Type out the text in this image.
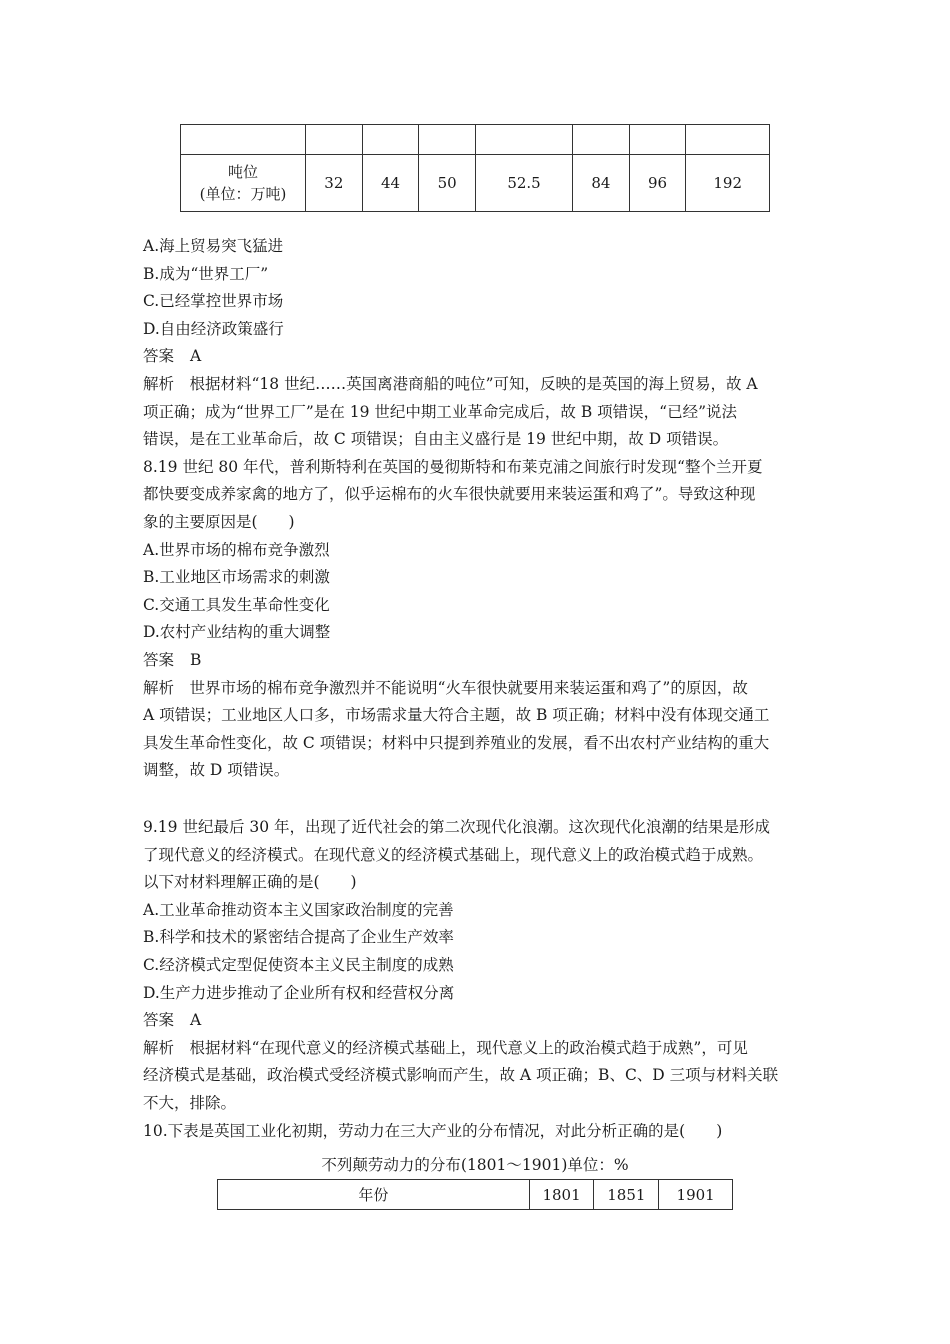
吨位
(单位：万吨)	32	44	50	52.5	84	96	192
A.海上贸易突飞猛进
B.成为“世界工厂”
C.已经掌控世界市场
D.自由经济政策盛行
答案 A
解析　根据材料“18 世纪……英国离港商船的吨位”可知，反映的是英国的海上贸易，故 A
项正确；成为“世界工厂”是在 19 世纪中期工业革命完成后，故 B 项错误，“已经”说法
错误，是在工业革命后，故 C 项错误；自由主义盛行是 19 世纪中期，故 D 项错误。
8.19 世纪 80 年代，普利斯特利在英国的曼彻斯特和布莱克浦之间旅行时发现“整个兰开夏
都快要变成养家禽的地方了，似乎运棉布的火车很快就要用来装运蛋和鸡了”。导致这种现
象的主要原因是(　　)
A.世界市场的棉布竞争激烈
B.工业地区市场需求的刺激
C.交通工具发生革命性变化
D.农村产业结构的重大调整
答案 B
解析　世界市场的棉布竞争激烈并不能说明“火车很快就要用来装运蛋和鸡了”的原因，故
A 项错误；工业地区人口多，市场需求量大符合主题，故 B 项正确；材料中没有体现交通工
具发生革命性变化，故 C 项错误；材料中只提到养殖业的发展，看不出农村产业结构的重大
调整，故 D 项错误。
9.19 世纪最后 30 年，出现了近代社会的第二次现代化浪潮。这次现代化浪潮的结果是形成
了现代意义的经济模式。在现代意义的经济模式基础上，现代意义上的政治模式趋于成熟。
以下对材料理解正确的是(　　)
A.工业革命推动资本主义国家政治制度的完善
B.科学和技术的紧密结合提高了企业生产效率
C.经济模式定型促使资本主义民主制度的成熟
D.生产力进步推动了企业所有权和经营权分离
答案 A
解析　根据材料“在现代意义的经济模式基础上，现代意义上的政治模式趋于成熟”，可见
经济模式是基础，政治模式受经济模式影响而产生，故 A 项正确；B、C、D 三项与材料关联
不大，排除。
10.下表是英国工业化初期，劳动力在三大产业的分布情况，对此分析正确的是(　　)
不列颠劳动力的分布(1801～1901)单位：%
年份	1801	1851	1901
